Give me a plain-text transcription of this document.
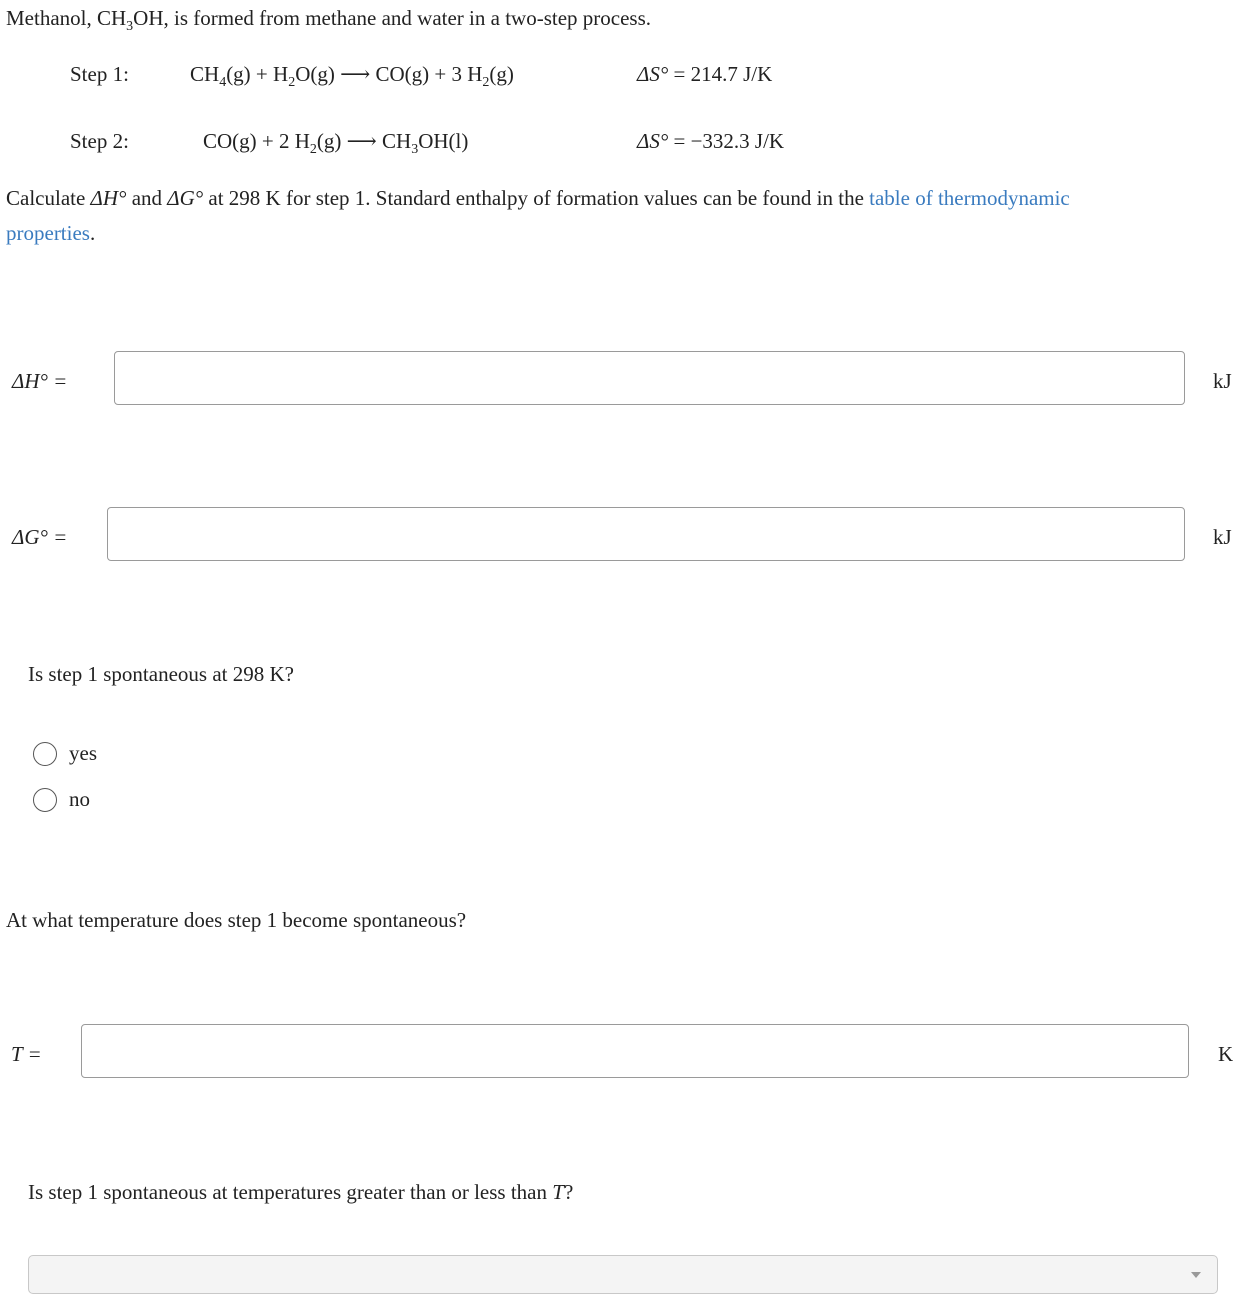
Methanol, $CH_3OH$, is formed from methane and water in a two-step process.
Step 1:	$CH_4(g) + H_2O(g)$ ⟶ CO(g) + 3 $H_2(g)$	ΔS° = 214.7 J/K
Step 2:	CO(g) + 2 $H_2(g)$ ⟶ $CH_3OH(l)$	ΔS° = −332.3 J/K
Calculate ΔH° and ΔG° at 298 K for step 1. Standard enthalpy of formation values can be found in the table of thermodynamic
properties.
ΔH° =	kJ
ΔG° =	kJ
Is step 1 spontaneous at 298 K?
yes
no
At what temperature does step 1 become spontaneous?
T =	K
Is step 1 spontaneous at temperatures greater than or less than T?
